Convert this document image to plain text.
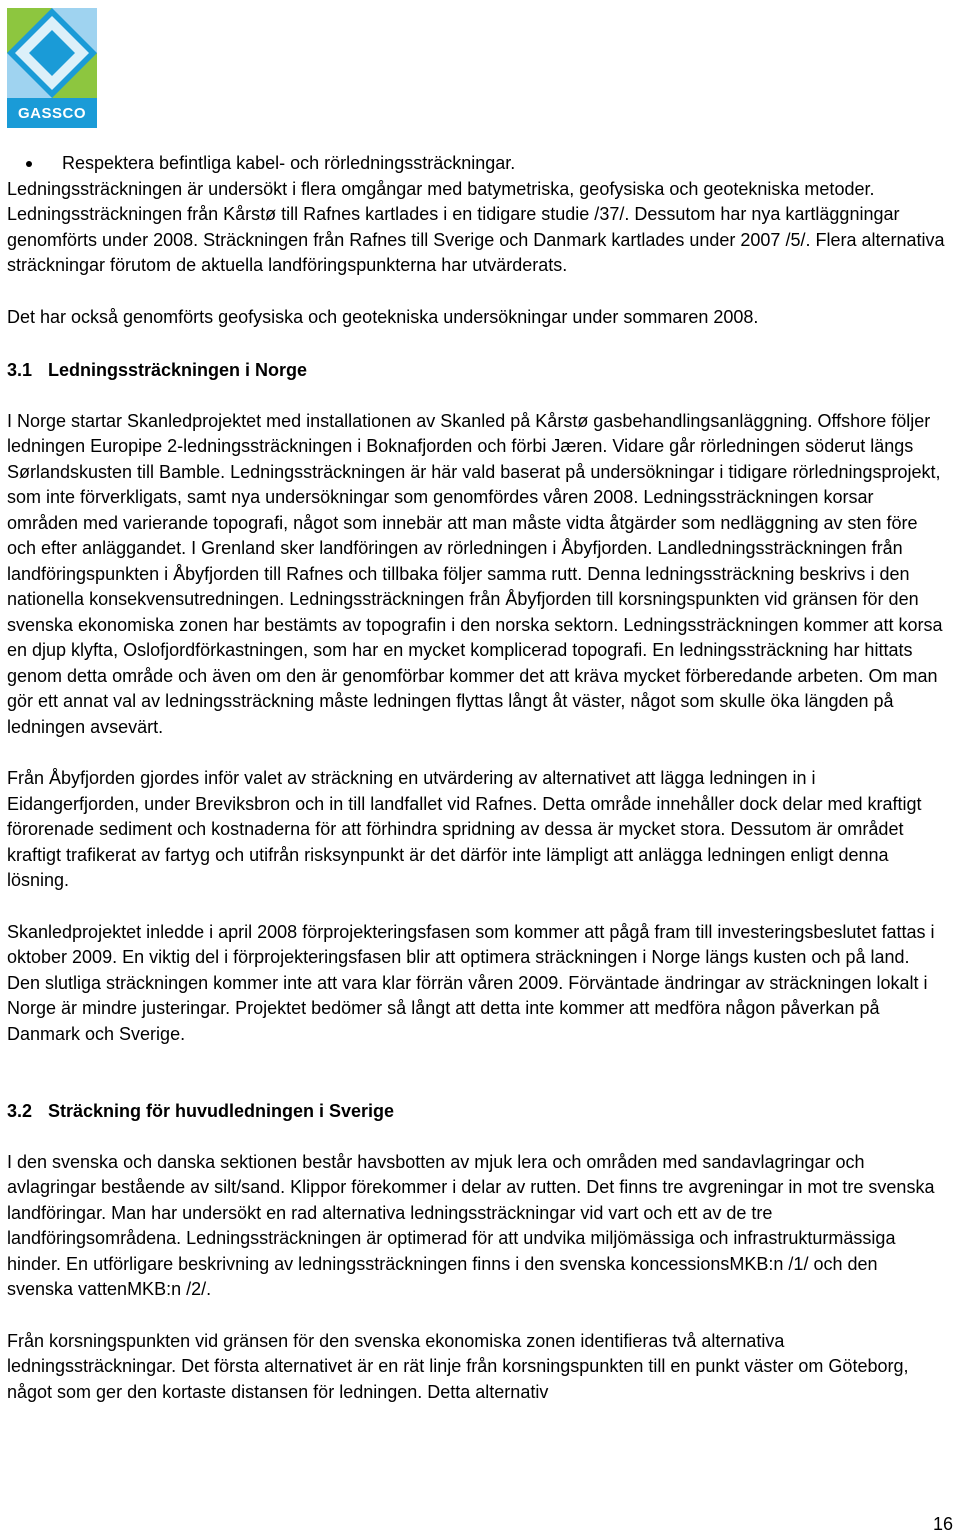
GASSCO
Respektera befintliga kabel- och rörledningssträckningar.

Ledningssträckningen är undersökt i flera omgångar med batymetriska, geofysiska och geotekniska metoder. Ledningssträckningen från Kårstø till Rafnes kartlades i en tidigare studie /37/. Dessutom har nya kartläggningar genomförts under 2008. Sträckningen från Rafnes till Sverige och Danmark kartlades under 2007 /5/. Flera alternativa sträckningar förutom de aktuella landföringspunkterna har utvärderats.

Det har också genomförts geofysiska och geotekniska undersökningar under sommaren 2008.

3.1 Ledningssträckningen i Norge

I Norge startar Skanledprojektet med installationen av Skanled på Kårstø gasbehandlingsanläggning. Offshore följer ledningen Europipe 2-ledningssträckningen i Boknafjorden och förbi Jæren. Vidare går rörledningen söderut längs Sørlandskusten till Bamble. Ledningssträckningen är här vald baserat på undersökningar i tidigare rörledningsprojekt, som inte förverkligats, samt nya undersökningar som genomfördes våren 2008. Ledningssträckningen korsar områden med varierande topografi, något som innebär att man måste vidta åtgärder som nedläggning av sten före och efter anläggandet. I Grenland sker landföringen av rörledningen i Åbyfjorden. Landledningssträckningen från landföringspunkten i Åbyfjorden till Rafnes och tillbaka följer samma rutt. Denna ledningssträckning beskrivs i den nationella konsekvensutredningen. Ledningssträckningen från Åbyfjorden till korsningspunkten vid gränsen för den svenska ekonomiska zonen har bestämts av topografin i den norska sektorn. Ledningssträckningen kommer att korsa en djup klyfta, Oslofjordförkastningen, som har en mycket komplicerad topografi. En ledningssträckning har hittats genom detta område och även om den är genomförbar kommer det att kräva mycket förberedande arbeten. Om man gör ett annat val av ledningssträckning måste ledningen flyttas långt åt väster, något som skulle öka längden på ledningen avsevärt.

Från Åbyfjorden gjordes inför valet av sträckning en utvärdering av alternativet att lägga ledningen in i Eidangerfjorden, under Breviksbron och in till landfallet vid Rafnes. Detta område innehåller dock delar med kraftigt förorenade sediment och kostnaderna för att förhindra spridning av dessa är mycket stora. Dessutom är området kraftigt trafikerat av fartyg och utifrån risksynpunkt är det därför inte lämpligt att anlägga ledningen enligt denna lösning.

Skanledprojektet inledde i april 2008 förprojekteringsfasen som kommer att pågå fram till investeringsbeslutet fattas i oktober 2009. En viktig del i förprojekteringsfasen blir att optimera sträckningen i Norge längs kusten och på land. Den slutliga sträckningen kommer inte att vara klar förrän våren 2009. Förväntade ändringar av sträckningen lokalt i Norge är mindre justeringar. Projektet bedömer så långt att detta inte kommer att medföra någon påverkan på Danmark och Sverige.

3.2 Sträckning för huvudledningen i Sverige

I den svenska och danska sektionen består havsbotten av mjuk lera och områden med sandavlagringar och avlagringar bestående av silt/sand. Klippor förekommer i delar av rutten. Det finns tre avgreningar in mot tre svenska landföringar. Man har undersökt en rad alternativa ledningssträckningar vid vart och ett av de tre landföringsområdena. Ledningssträckningen är optimerad för att undvika miljömässiga och infrastrukturmässiga hinder. En utförligare beskrivning av ledningssträckningen finns i den svenska koncessionsMKB:n /1/ och den svenska vattenMKB:n /2/.

Från korsningspunkten vid gränsen för den svenska ekonomiska zonen identifieras två alternativa ledningssträckningar. Det första alternativet är en rät linje från korsningspunkten till en punkt väster om Göteborg, något som ger den kortaste distansen för ledningen. Detta alternativ

16
